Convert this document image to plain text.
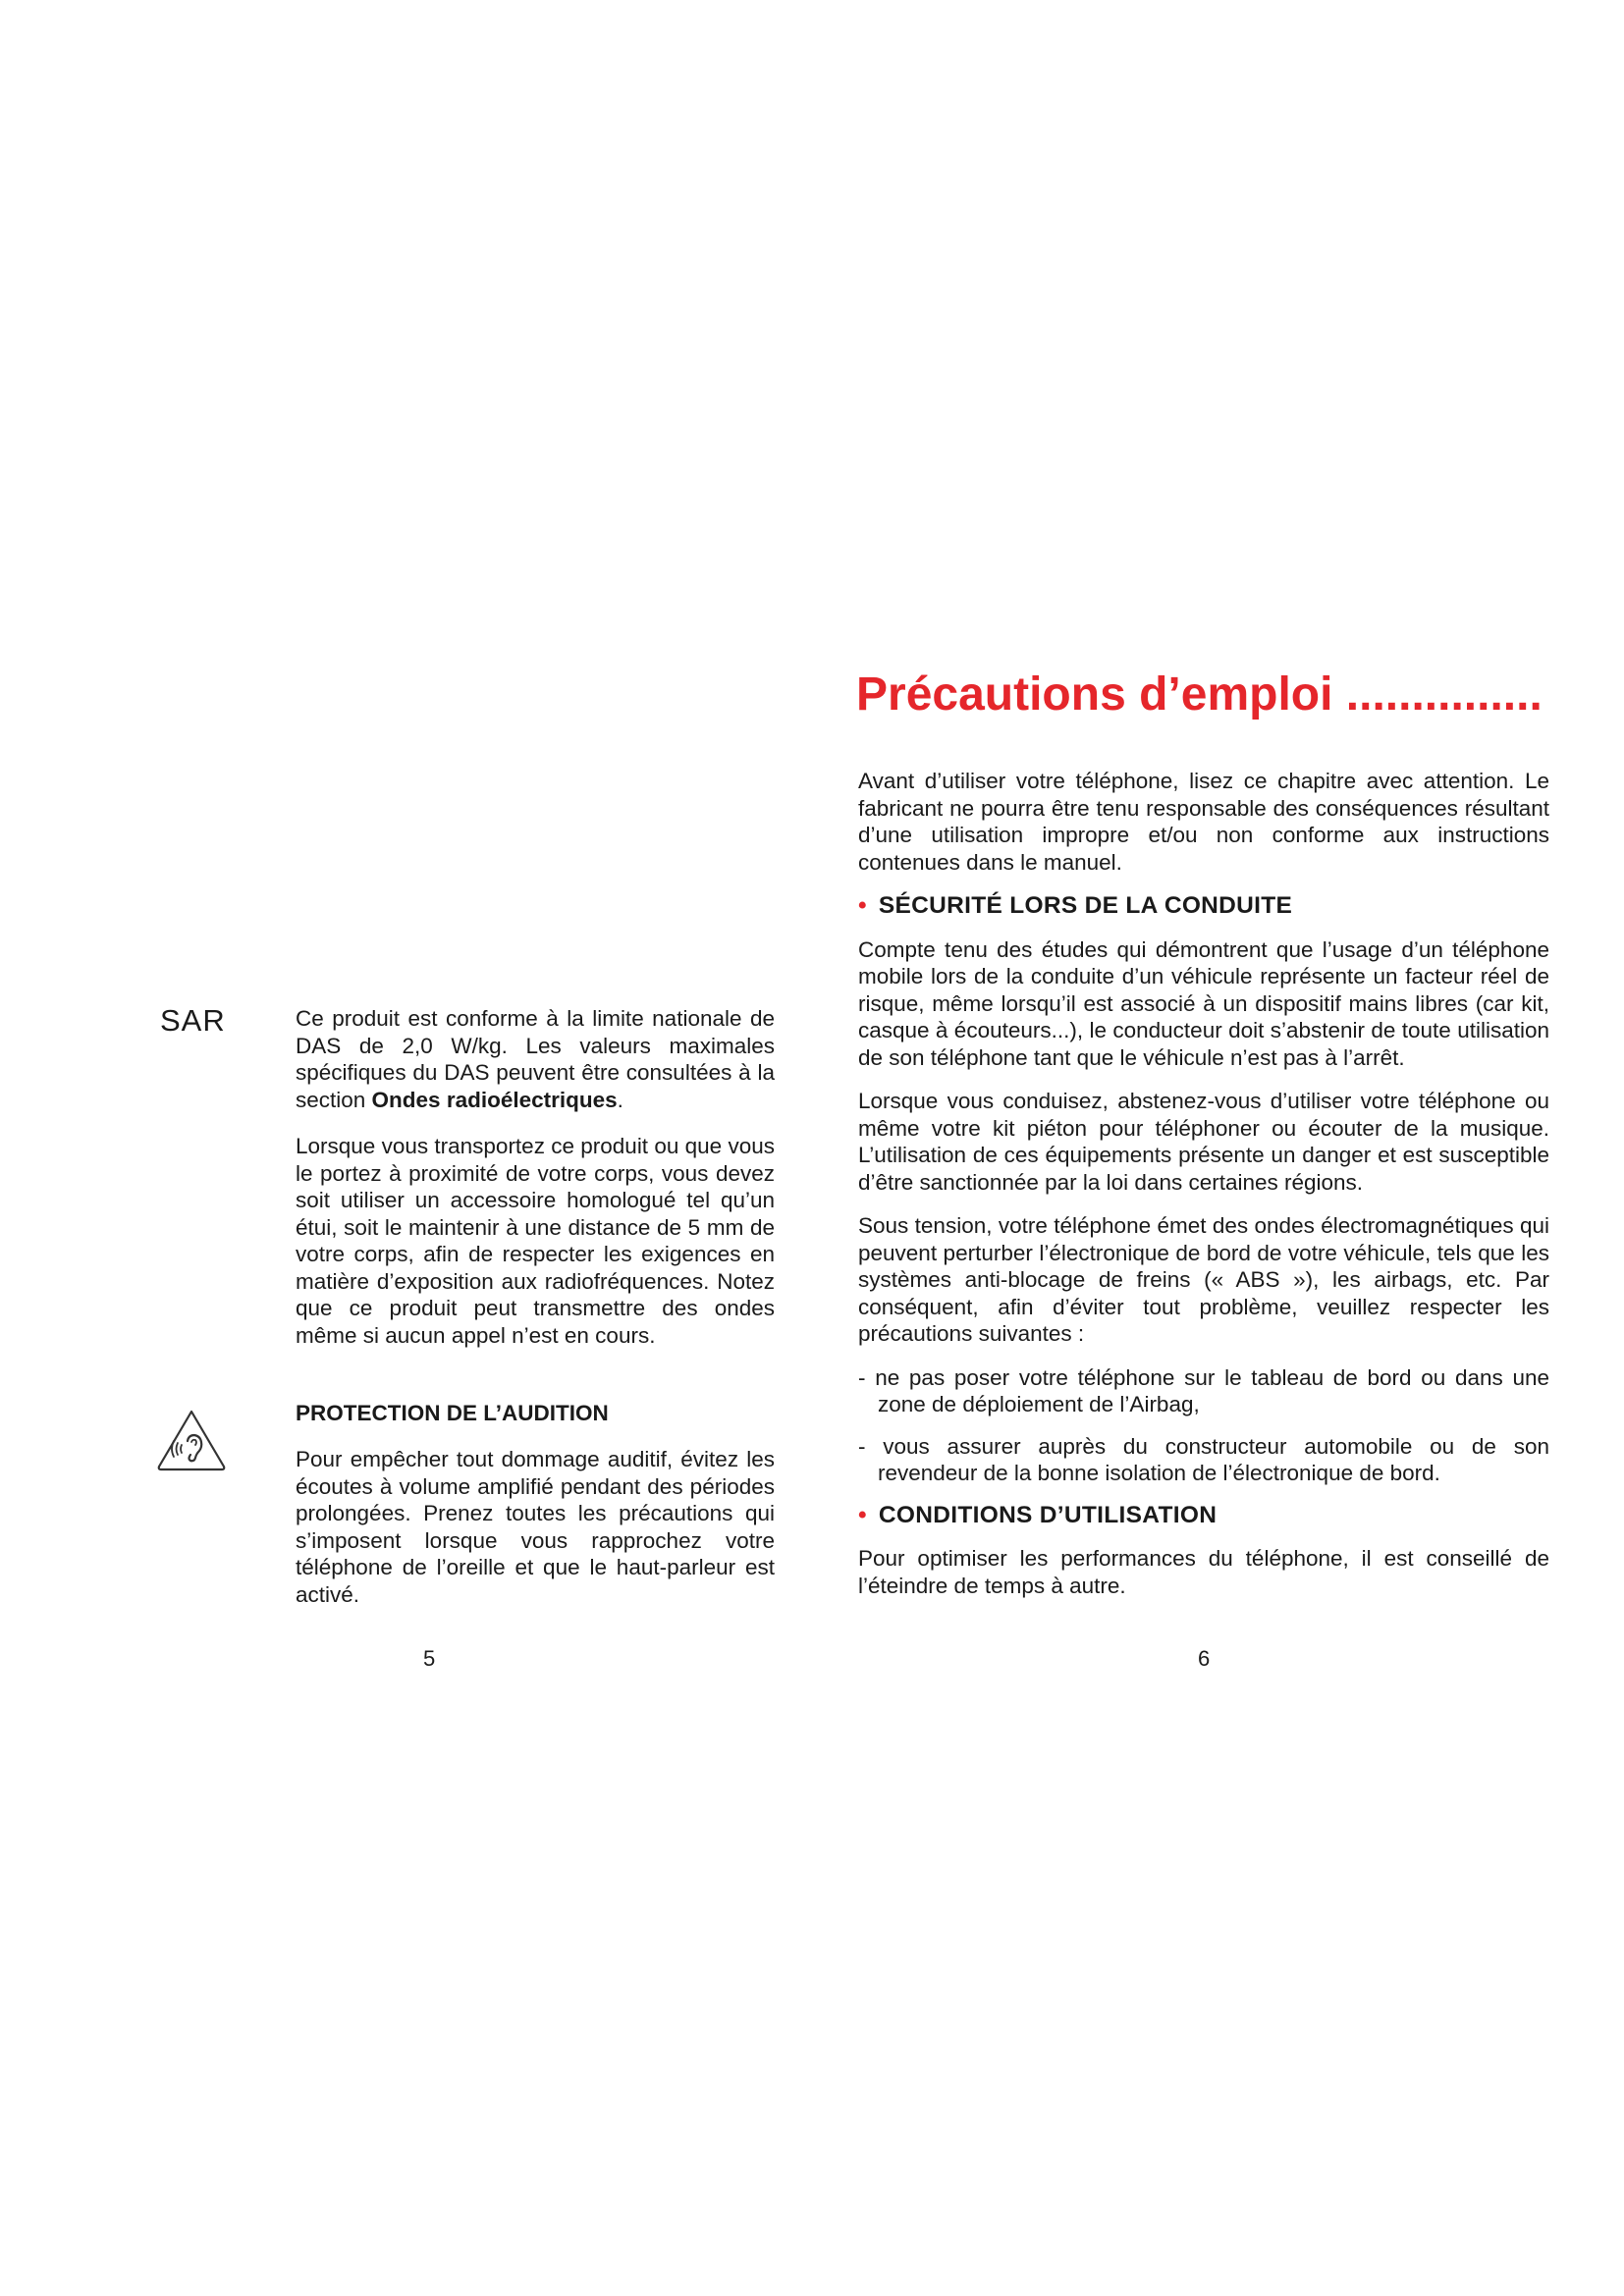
SAR	Ce produit est conforme à la limite nationale de DAS de 2,0 W/kg. Les valeurs maximales spécifiques du DAS peuvent être consultées à la section Ondes radioélectriques.

Lorsque vous transportez ce produit ou que vous le portez à proximité de votre corps, vous devez soit utiliser un accessoire homologué tel qu’un étui, soit le maintenir à une distance de 5 mm de votre corps, afin de respecter les exigences en matière d’exposition aux radiofréquences. Notez que ce produit peut transmettre des ondes même si aucun appel n’est en cours.

PROTECTION DE L’AUDITION

Pour empêcher tout dommage auditif, évitez les écoutes à volume amplifié pendant des périodes prolongées. Prenez toutes les précautions qui s’imposent lorsque vous rapprochez votre téléphone de l’oreille et que le haut-parleur est activé.

5
Précautions d’emploi ...............

Avant d’utiliser votre téléphone, lisez ce chapitre avec attention. Le fabricant ne pourra être tenu responsable des conséquences résultant d’une utilisation impropre et/ou non conforme aux instructions contenues dans le manuel.

• SÉCURITÉ LORS DE LA CONDUITE

Compte tenu des études qui démontrent que l’usage d’un téléphone mobile lors de la conduite d’un véhicule représente un facteur réel de risque, même lorsqu’il est associé à un dispositif mains libres (car kit, casque à écouteurs...), le conducteur doit s’abstenir de toute utilisation de son téléphone tant que le véhicule n’est pas à l’arrêt.

Lorsque vous conduisez, abstenez-vous d’utiliser votre téléphone ou même votre kit piéton pour téléphoner ou écouter de la musique. L’utilisation de ces équipements présente un danger et est susceptible d’être sanctionnée par la loi dans certaines régions.

Sous tension, votre téléphone émet des ondes électromagnétiques qui peuvent perturber l’électronique de bord de votre véhicule, tels que les systèmes anti-blocage de freins (« ABS »), les airbags, etc. Par conséquent, afin d’éviter tout problème, veuillez respecter les précautions suivantes :

- ne pas poser votre téléphone sur le tableau de bord ou dans une zone de déploiement de l’Airbag,
- vous assurer auprès du constructeur automobile ou de son revendeur de la bonne isolation de l’électronique de bord.
• CONDITIONS D’UTILISATION

Pour optimiser les performances du téléphone, il est conseillé de l’éteindre de temps à autre.

6
